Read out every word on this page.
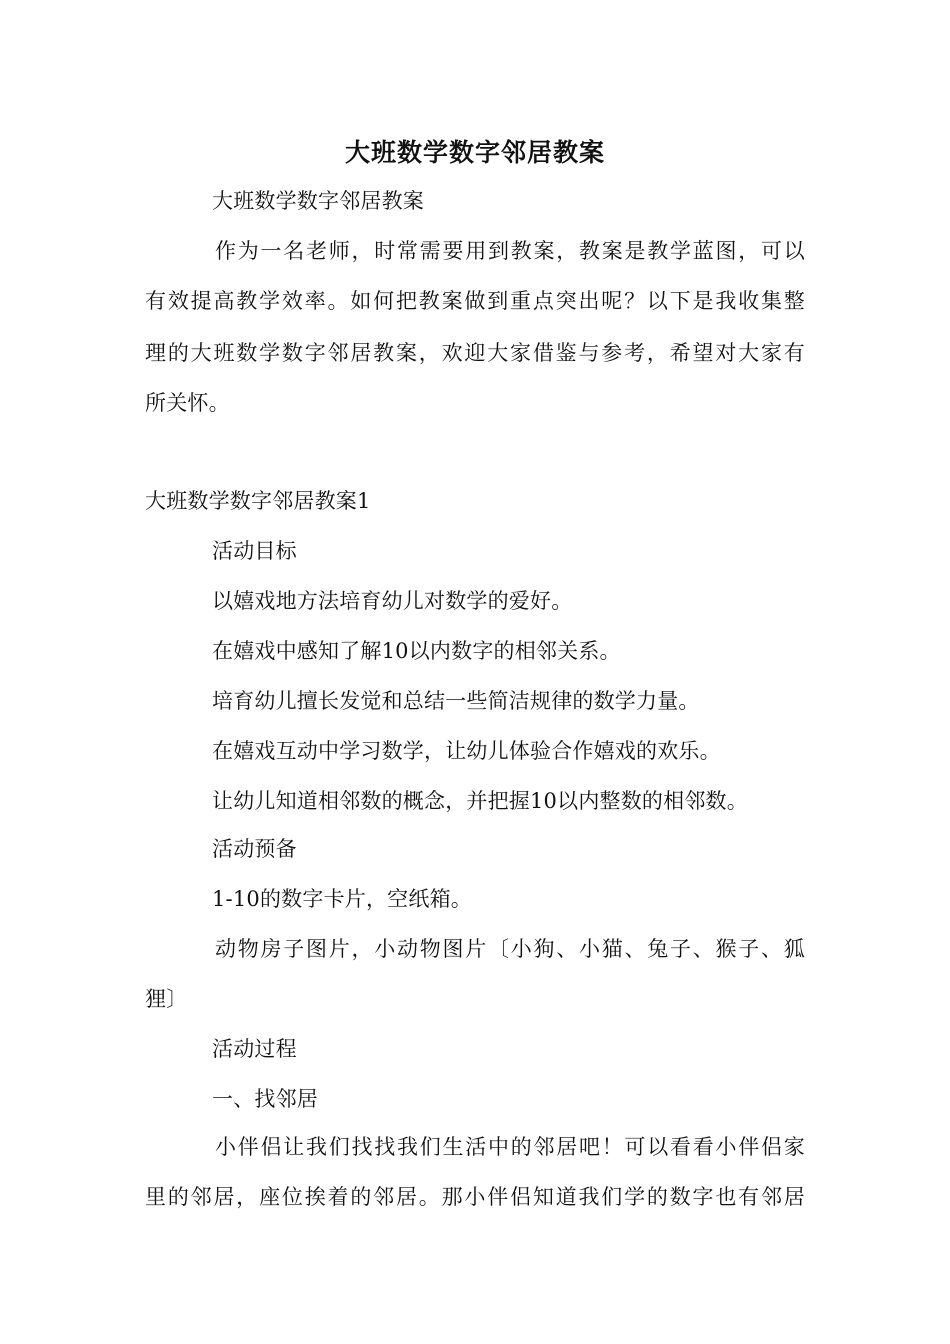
大班数学数字邻居教案
大班数学数字邻居教案
作为一名老师，时常需要用到教案，教案是教学蓝图，可以
有效提高教学效率。如何把教案做到重点突出呢？以下是我收集整
理的大班数学数字邻居教案，欢迎大家借鉴与参考，希望对大家有
所关怀。
大班数学数字邻居教案1
活动目标
以嬉戏地方法培育幼儿对数学的爱好。
在嬉戏中感知了解10以内数字的相邻关系。
培育幼儿擅长发觉和总结一些简洁规律的数学力量。
在嬉戏互动中学习数学，让幼儿体验合作嬉戏的欢乐。
让幼儿知道相邻数的概念，并把握10以内整数的相邻数。
活动预备
1-10的数字卡片，空纸箱。
动物房子图片，小动物图片〔小狗、小猫、兔子、猴子、狐
狸〕
活动过程
一、找邻居
小伴侣让我们找找我们生活中的邻居吧！可以看看小伴侣家
里的邻居，座位挨着的邻居。那小伴侣知道我们学的数字也有邻居
